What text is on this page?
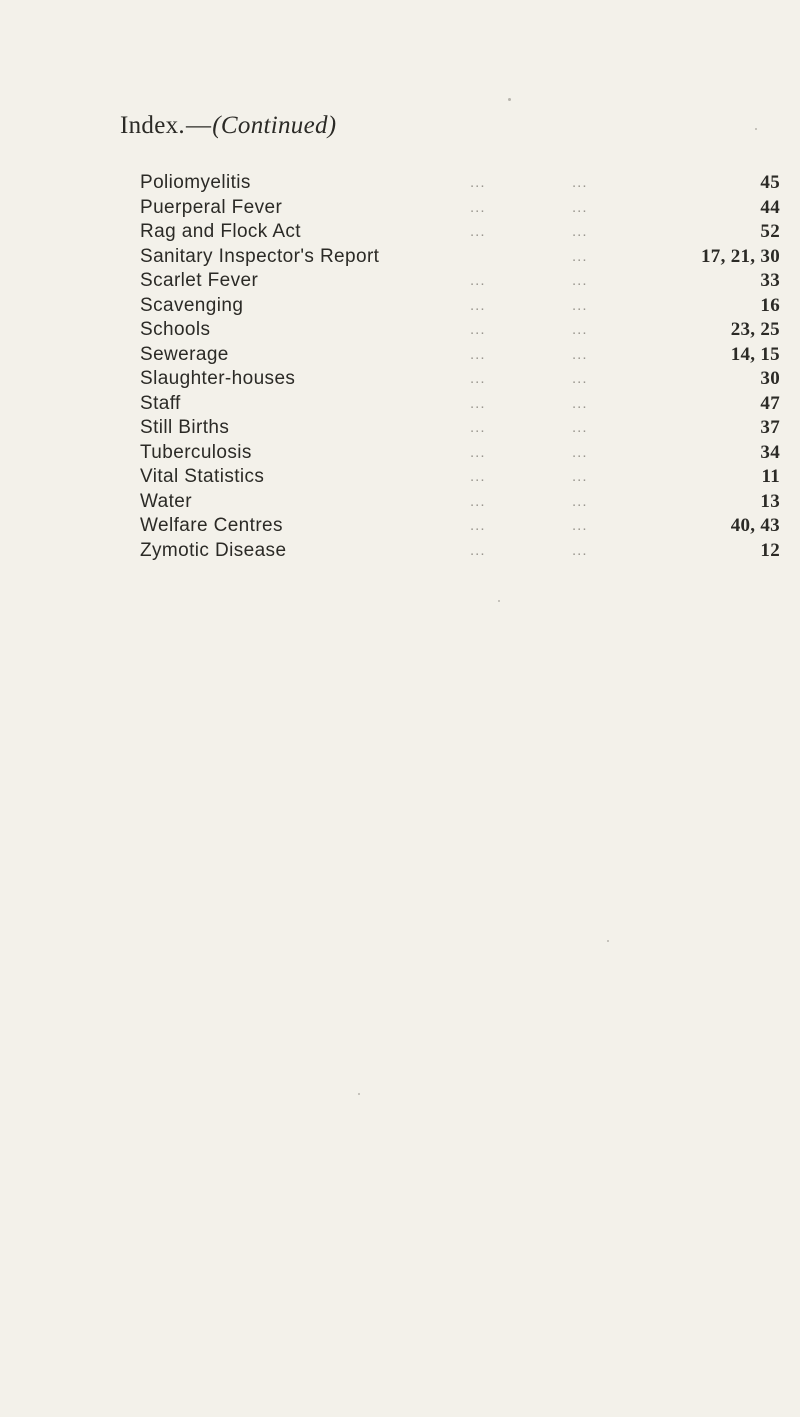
Index.—(Continued)
Poliomyelitis	...	...	45
Puerperal Fever	...	...	44
Rag and Flock Act	...	...	52
Sanitary Inspector's Report	...	17, 21, 30
Scarlet Fever	...	...	33
Scavenging	...	...	16
Schools	...	...	23, 25
Sewerage	...	...	14, 15
Slaughter-houses	...	...	30
Staff	...	...	47
Still Births	...	...	37
Tuberculosis	...	...	34
Vital Statistics	...	...	11
Water	...	...	13
Welfare Centres	...	...	40, 43
Zymotic Disease	...	...	12
